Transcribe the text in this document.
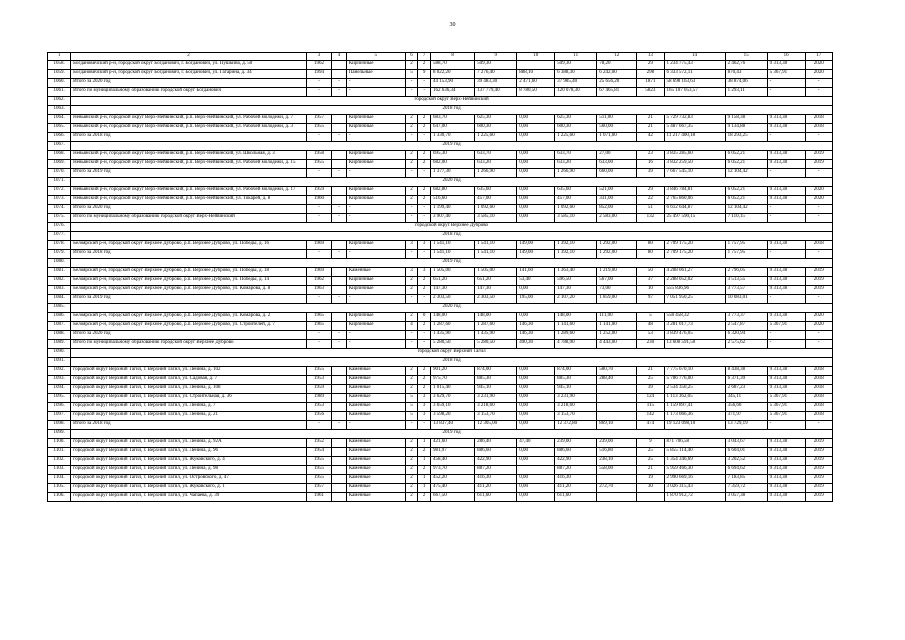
30
1	2	3	4	5	6	7	8	9	10	11	12	13	14	15	16	17
1058.	Богдановичский р-н, городской округ Богданович, г. Богданович, ул. Пушкина, д. 50	1962		Кирпичные	2	2	588,70	509,30		509,30	78,20	29	1 234 775,43	2 462,76	9 313,38	2020
1059.	Богдановичский р-н, городской округ Богданович, г. Богданович, ул. Гагарина, д. 34	1994		Панельные	5	9	8 022,20	7 276,40	888,10	6 388,30	6 242,00	298	6 333 572,11	870,43	5 367,91	2020
1060.	Итого за 2020 год	-	-	-	-	-	44 153,90	39 483,30	2 471,60	37 985,40	25 656,20	1871	58 698 163,63	38 874,06	-	-
1061.	Итого по муниципальному образованию городской округ Богданович	-	-	-	-	-	162 636,34	137 779,40	8 780,50	120 078,30	67 465,81	5823	165 107 053,57	1 293,11	-	-
1062.	городской округ Верх-Нейвинский															
1063.	2018 год															
1064.	Невьянский р-н, городской округ Верх-Нейвинский, р.п. Верх-Нейвинский, ул. Рабочей молодежи, д. 7	1957		Кирпичные	2	2	683,70	625,30	0,00	625,30	511,00	21	5 729 732,83	9 158,38	9 313,38	2018
1065.	Невьянский р-н, городской округ Верх-Нейвинский, р.п. Верх-Нейвинский, ул. Рабочей молодежи, д. 3	1955		Кирпичные	2	2	647,00	600,30	0,00	600,30	560,00	21	5 487 667,35	9 134,88	9 313,38	2018
1066.	Итого за 2018 год	-	-	-	-	-	1 330,70	1 225,60	0,00	1 225,60	1 071,00	42	11 217 400,18	18 293,25	-	-
1067.	2019 год															
1068.	Невьянский р-н, городской округ Верх-Нейвинский, р.п. Верх-Нейвинский, ул. Школьная, д. 3	1958		Кирпичные	2	2	695,30	633,70	0,00	633,70	27,00	23	3 835 285,60	6 052,21	9 313,38	2019
1069.	Невьянский р-н, городской округ Верх-Нейвинский, р.п. Верх-Нейвинский, ул. Рабочей молодежи, д. 15	1955		Кирпичные	2	2	682,00	633,20	0,00	633,20	633,00	16	3 832 259,50	6 052,21	9 313,38	2019
1070.	Итого за 2019 год	-	-	-	-	-	1 377,30	1 266,90	0,00	1 266,90	660,00	39	7 667 545,10	12 104,42	-	-
1071.	2020 год															
1072.	Невьянский р-н, городской округ Верх-Нейвинский, р.п. Верх-Нейвинский, ул. Рабочей молодежи, д. 17	1959		Кирпичные	2	2	682,80	635,60	0,00	635,60	521,00	29	3 846 784,81	6 052,21	9 313,38	2020
1073.	Невьянский р-н, городской округ Верх-Нейвинский, р.п. Верх-Нейвинский, ул. Токарей, д. 8	1960		Кирпичные	2	2	516,60	457,00	0,00	457,00	331,00	22	2 765 860,06	6 052,21	9 313,38	2020
1074.	Итого за 2020 год	-	-	-	-	-	1 199,40	1 092,60	0,00	1 092,60	852,00	51	6 612 644,87	12 104,42	-	-
1075.	Итого по муниципальному образованию городской округ Верх-Нейвинский	-	-	-	-	-	3 907,40	3 585,10	0,00	3 585,10	2 583,00	132	25 497 590,15	7 110,15	-	-
1076.	городской округ Верхнее Дуброво															
1077.	2018 год															
1078.	Белоярский р-н, городской округ Верхнее Дуброво, р.п. Верхнее Дуброво, ул. Победы, д. 16	1969		Кирпичные	3	3	1 541,10	1 541,10	149,00	1 392,10	1 292,00	80	2 709 175,20	1 757,95	9 313,38	2018
1079.	Итого за 2018 год	-	-	-	-	-	1 541,10	1 541,10	149,00	1 392,10	1 292,00	80	2 709 175,20	1 757,95	-	-
1080.	2019 год															
1081.	Белоярский р-н, городской округ Верхнее Дуброво, р.п. Верхнее Дуброво, ул. Победы, д. 18	1969		Каменные	3	3	1 505,00	1 505,00	141,60	1 363,40	1 219,00	50	4 208 061,27	2 796,05	9 313,38	2019
1082.	Белоярский р-н, городской округ Верхнее Дуброво, р.п. Верхнее Дуброво, ул. Победы, д. 14	1962		Кирпичные	2	2	651,20	651,20	53,40	596,50	567,00	37	2 288 052,02	3 513,55	9 313,38	2019
1083.	Белоярский р-н, городской округ Верхнее Дуброво, р.п. Верхнее Дуброво, ул. Комарова, д. 8	1963		Кирпичные	2	2	147,30	147,30	0,00	147,30	73,00	10	555 836,96	3 773,57	9 313,38	2019
1084.	Итого за 2019 год	-	-	-	-	-	2 303,50	2 303,50	195,00	2 107,20	1 859,00	97	7 051 950,25	10 083,01	-	-
1085.	2020 год															
1086.	Белоярский р-н, городской округ Верхнее Дуброво, р.п. Верхнее Дуброво, ул. Комарова, д. 2	1965		Кирпичные	2	0	148,00	148,00	0,00	148,00	111,00	5	558 458,32	3 773,37	9 313,38	2020
1087.	Белоярский р-н, городской округ Верхнее Дуброво, р.п. Верхнее Дуброво, ул. Строителей, д. 7	1965		Кирпичные	4	2	1 287,60	1 287,60	146,30	1 141,60	1 141,00	48	3 281 017,73	2 547,87	5 367,91	2020
1088.	Итого за 2020 год	-	-	-	-	-	1 435,90	1 435,90	146,30	1 289,60	1 252,00	53	3 839 476,05	6 320,94	-	-
1089.	Итого по муниципальному образованию городской округ Верхнее Дуброво	-	-	-	-	-	5 280,50	5 280,50	490,30	4 788,90	4 443,00	230	13 600 591,50	2 575,62	-	-
1090.	городской округ Верхний Тагил															
1091.	2018 год															
1092.	городской округ Верхний Тагил, г. Верхний Тагил, ул. Ленина, д. 102	1955		Каменные	2	2	901,20	874,00	0,00	874,00	580,70	21	7 775 670,10	8 438,38	9 313,38	2018
1093.	городской округ Верхний Тагил, г. Верхний Тагил, ул. Садовая, д. 7	1953		Каменные	2	2	975,70	885,30	0,00	885,30	288,40	25	5 786 776,00	6 371,39	9 313,38	2018
1094.	городской округ Верхний Тагил, г. Верхний Тагил, ул. Ленина, д. 108	1959		Каменные	2	2	1 015,40	945,10	0,00	945,10		39	2 534 350,25	2 687,23	9 313,38	2018
1095.	городской округ Верхний Тагил, г. Верхний Тагил, ул. Строительная, д. 36	1989		Каменные	5	3	3 629,70	3 231,90	0,00	3 231,90		124	1 113 362,05	345,11	5 367,91	2018
1096.	городской округ Верхний Тагил, г. Верхний Тагил, ул. Ленина, д. 7	1953		Каменные	5	3	3 659,10	3 218,60	0,00	3 218,60		115	1 159 897,41	356,60	5 367,91	2018
1097.	городской округ Верхний Тагил, г. Верхний Тагил, ул. Ленина, д. 21	1956		Каменные	5	3	3 598,20	3 153,70	0,00	3 153,70		142	1 173 066,36	371,97	5 367,91	2018
1098.	Итого за 2018 год	-	-	-	-	-	13 837,40	12 305,00	0,00	12 372,80	869,10	474	19 123 098,10	13 729,19	-	-
1099.	2019 год															
1100.	городской округ Верхний Тагил, г. Верхний Тагил, ул. Ленина, д. 92А	1952		Каменные	2	1	421,60	286,40	47,40	239,00	239,00	9	871 706,58	3 043,67	9 313,38	2019
1101.	городской округ Верхний Тагил, г. Верхний Тагил, ул. Ленина, д. 96	1954		Каменные	2	2	981,97	886,60	0,00	886,60	516,80	25	5 855 114,40	6 604,01	9 313,38	2019
1102.	городской округ Верхний Тагил, г. Верхний Тагил, ул. Жуковского, д. 4	1955		Каменные	2	1	458,40	422,90	0,00	422,90	238,10	25	1 354 346,69	3 202,52	9 313,38	2019
1103.	городской округ Верхний Тагил, г. Верхний Тагил, ул. Ленина, д. 98	1955		Каменные	2	2	973,70	887,20		887,20	558,00	21	5 959 466,30	6 694,62	9 313,38	2019
1104.	городской округ Верхний Тагил, г. Верхний Тагил, ул. Островского, д. 47	1955		Каменные	2	1	452,20	416,30	0,00	416,30		19	2 990 669,16	7 183,85	9 313,38	2019
1105.	городской округ Верхний Тагил, г. Верхний Тагил, ул. Жуковского, д. 1	1957		Каменные	2	1	475,40	411,20	0,00	411,20	272,70	30	3 026 315,43	7 359,72	9 313,38	2019
1106.	городской округ Верхний Тагил, г. Верхний Тагил, ул. Чапаева, д. 39	1961		Каменные	2	2	667,50	611,60	0,00	611,60			1 870 912,72	3 057,38	9 313,38	2019
